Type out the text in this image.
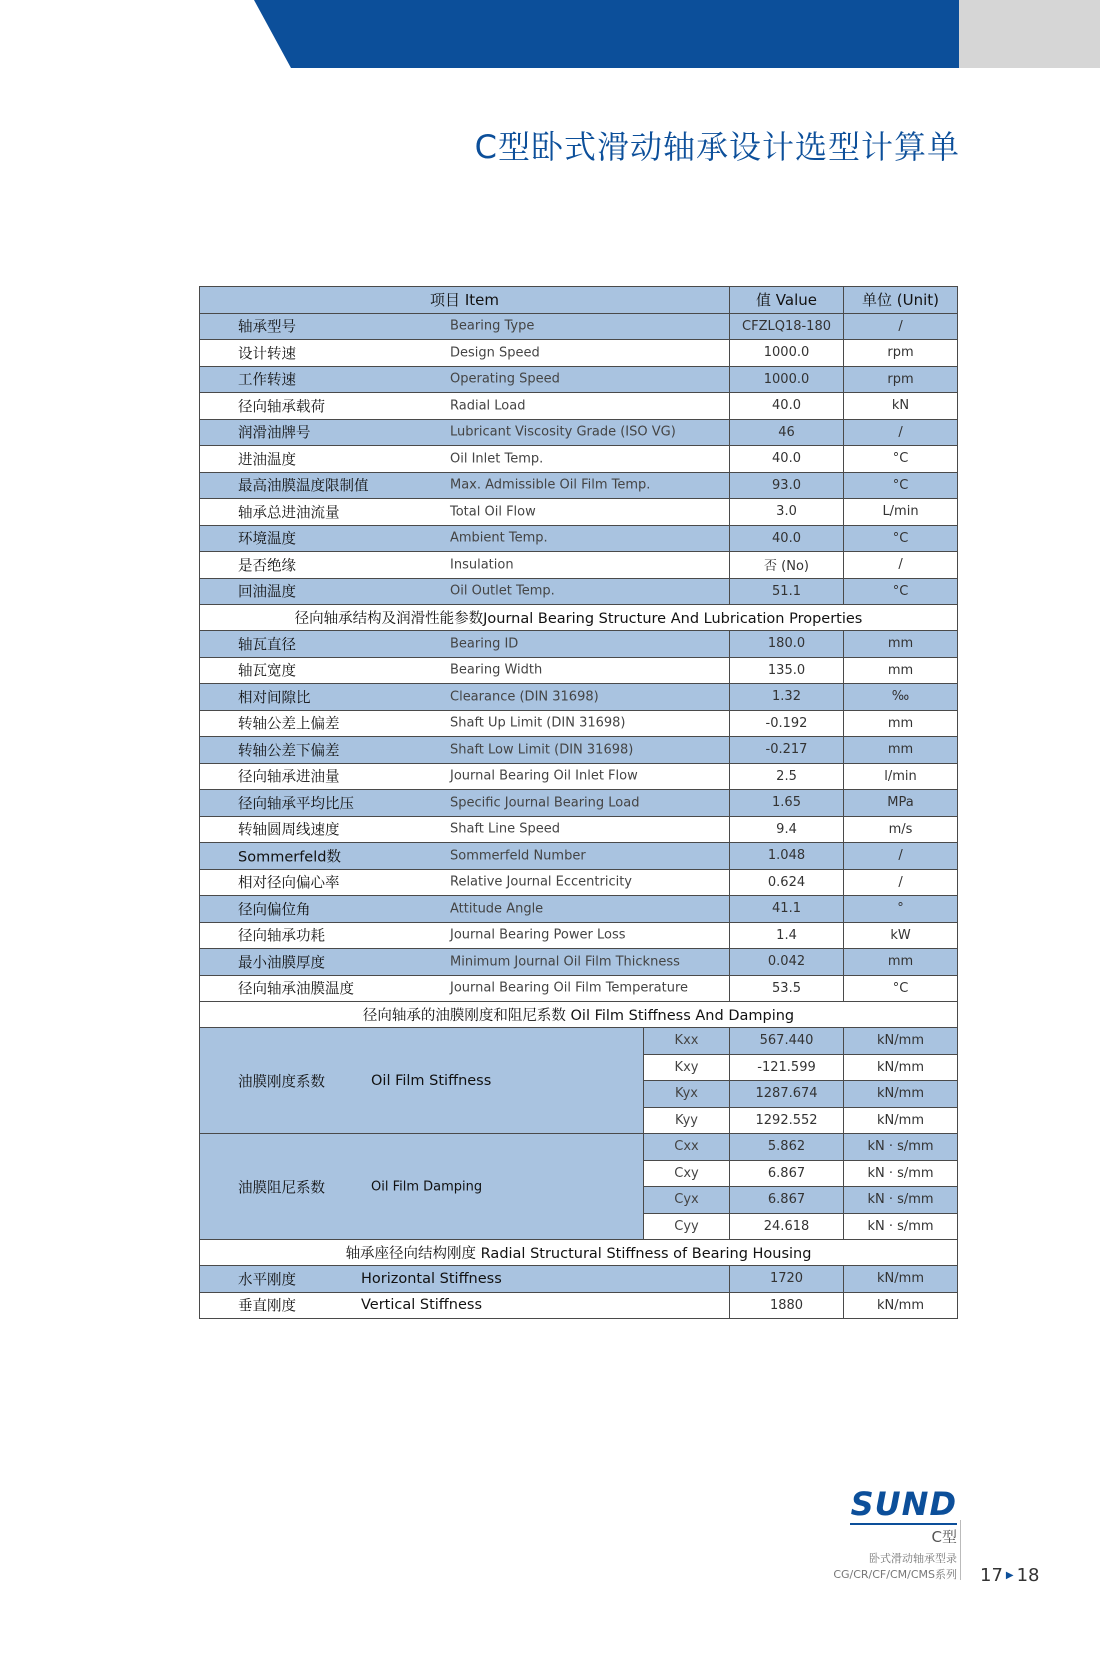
C型卧式滑动轴承设计选型计算单
项目 Item		值 Value	单位 (Unit)

轴承型号 Bearing Type		CFZLQ18-180	/

设计转速 Design Speed		1000.0	rpm

工作转速 Operating Speed		1000.0	rpm

径向轴承载荷 Radial Load		40.0	kN

润滑油牌号 Lubricant Viscosity Grade (ISO VG)		46	/

进油温度 Oil Inlet Temp.		40.0	°C

最高油膜温度限制值 Max. Admissible Oil Film Temp.		93.0	°C

轴承总进油流量 Total Oil Flow		3.0	L/min

环境温度 Ambient Temp.		40.0	°C

是否绝缘 Insulation		否 (No)	/

回油温度 Oil Outlet Temp.		51.1	°C
径向轴承结构及润滑性能参数Journal Bearing Structure And Lubrication Properties			

轴瓦直径 Bearing ID		180.0	mm

轴瓦宽度 Bearing Width		135.0	mm

相对间隙比 Clearance (DIN 31698)		1.32	‰

转轴公差上偏差 Shaft Up Limit (DIN 31698)		-0.192	mm

转轴公差下偏差 Shaft Low Limit (DIN 31698)		-0.217	mm

径向轴承进油量 Journal Bearing Oil Inlet Flow		2.5	l/min

径向轴承平均比压 Specific Journal Bearing Load		1.65	MPa

转轴圆周线速度 Shaft Line Speed		9.4	m/s

Sommerfeld数 Sommerfeld Number		1.048	/

相对径向偏心率 Relative Journal Eccentricity		0.624	/

径向偏位角 Attitude Angle		41.1	°

径向轴承功耗 Journal Bearing Power Loss		1.4	kW

最小油膜厚度 Minimum Journal Oil Film Thickness		0.042	mm

径向轴承油膜温度 Journal Bearing Oil Film Temperature		53.5	°C
径向轴承的油膜刚度和阻尼系数 Oil Film Stiffness And Damping			

油膜刚度系数 Oil Film Stiffness	Kxx	567.440	kN/mm
	Kxy	-121.599	kN/mm
	Kyx	1287.674	kN/mm
	Kyy	1292.552	kN/mm

油膜阻尼系数 Oil Film Damping	Cxx	5.862	kN · s/mm
	Cxy	6.867	kN · s/mm
	Cyx	6.867	kN · s/mm
	Cyy	24.618	kN · s/mm
轴承座径向结构刚度 Radial Structural Stiffness of Bearing Housing			

水平刚度 Horizontal Stiffness		1720	kN/mm

垂直刚度 Vertical Stiffness		1880	kN/mm
SUND
C型
卧式滑动轴承型录
CG/CR/CF/CM/CMS系列 17 ▶ 18
